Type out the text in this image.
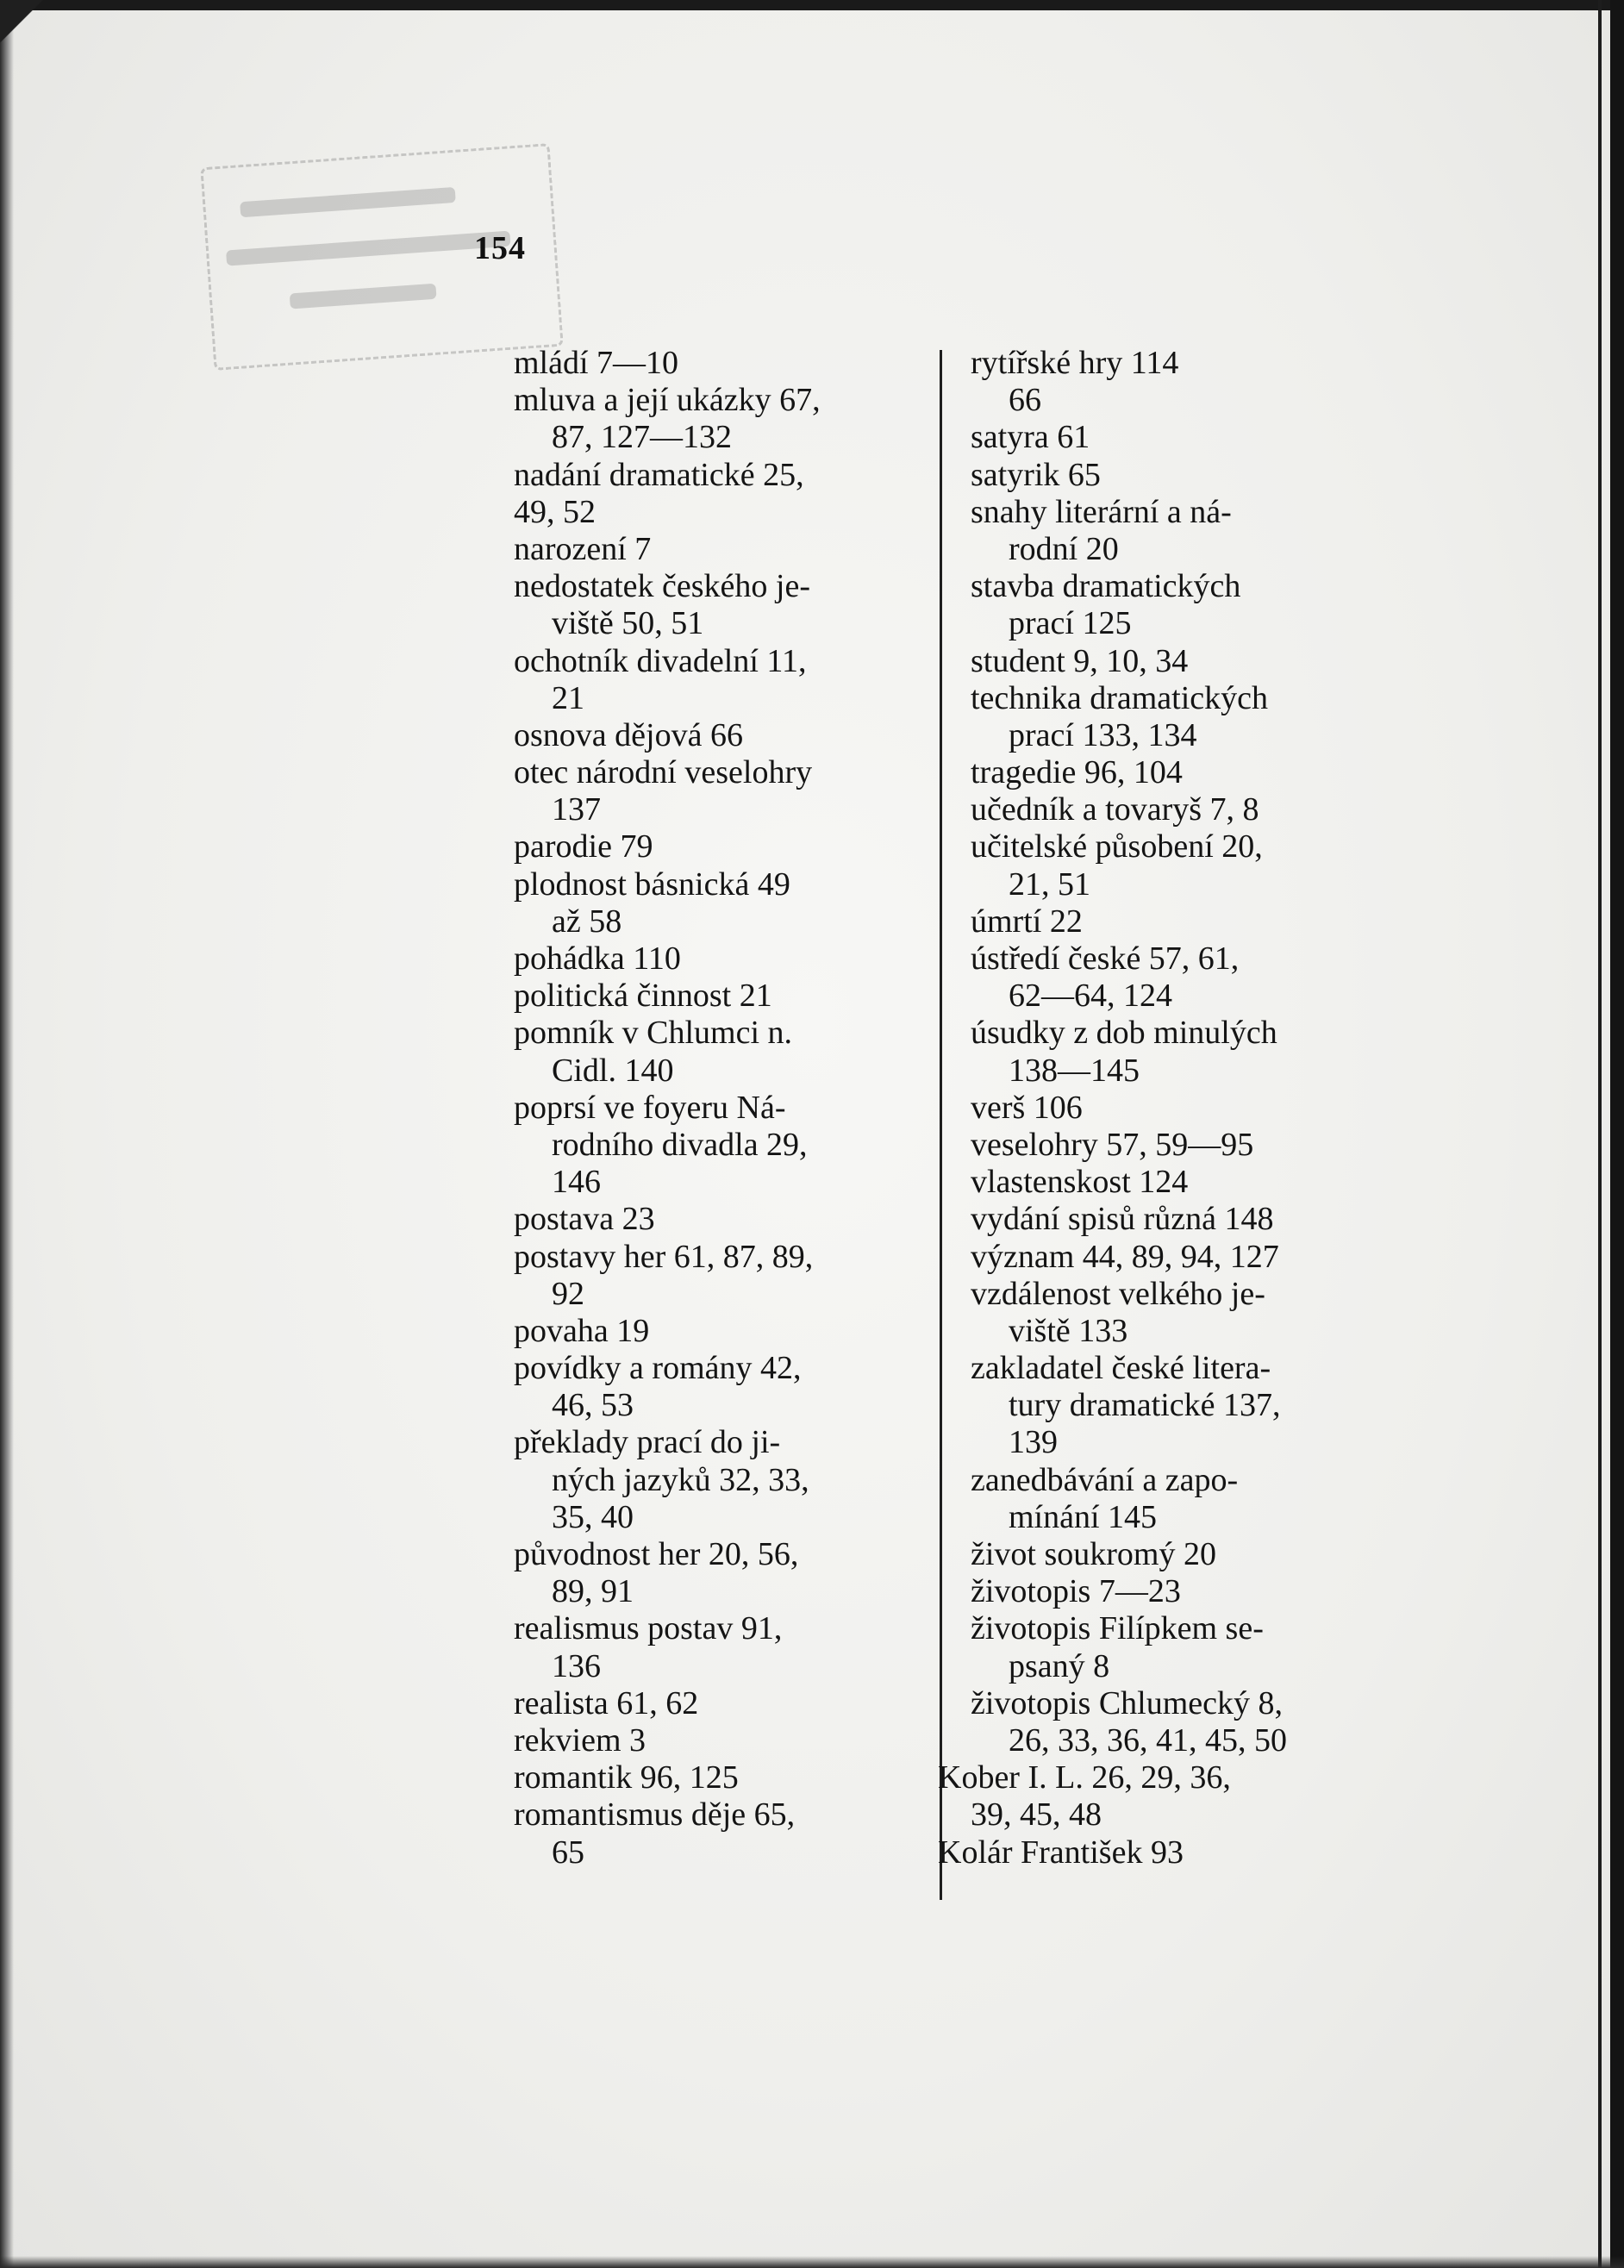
154
mládí 7—10
mluva a její ukázky 67,
87, 127—132
nadání dramatické 25,
49, 52
narození 7
nedostatek českého je-
viště 50, 51
ochotník divadelní 11,
21
osnova dějová 66
otec národní veselohry
137
parodie 79
plodnost básnická 49
až 58
pohádka 110
politická činnost 21
pomník v Chlumci n.
Cidl. 140
poprsí ve foyeru Ná-
rodního divadla 29,
146
postava 23
postavy her 61, 87, 89,
92
povaha 19
povídky a romány 42,
46, 53
překlady prací do ji-
ných jazyků 32, 33,
35, 40
původnost her 20, 56,
89, 91
realismus postav 91,
136
realista 61, 62
rekviem 3
romantik 96, 125
romantismus děje 65,
65
rytířské hry 114
66
satyra 61
satyrik 65
snahy literární a ná-
rodní 20
stavba dramatických
prací 125
student 9, 10, 34
technika dramatických
prací 133, 134
tragedie 96, 104
učedník a tovaryš 7, 8
učitelské působení 20,
21, 51
úmrtí 22
ústředí české 57, 61,
62—64, 124
úsudky z dob minulých
138—145
verš 106
veselohry 57, 59—95
vlastenskost 124
vydání spisů různá 148
význam 44, 89, 94, 127
vzdálenost velkého je-
viště 133
zakladatel české litera-
tury dramatické 137,
139
zanedbávání a zapo-
mínání 145
život soukromý 20
životopis 7—23
životopis Filípkem se-
psaný 8
životopis Chlumecký 8,
26, 33, 36, 41, 45, 50
Kober I. L. 26, 29, 36,
39, 45, 48
Kolár František 93
